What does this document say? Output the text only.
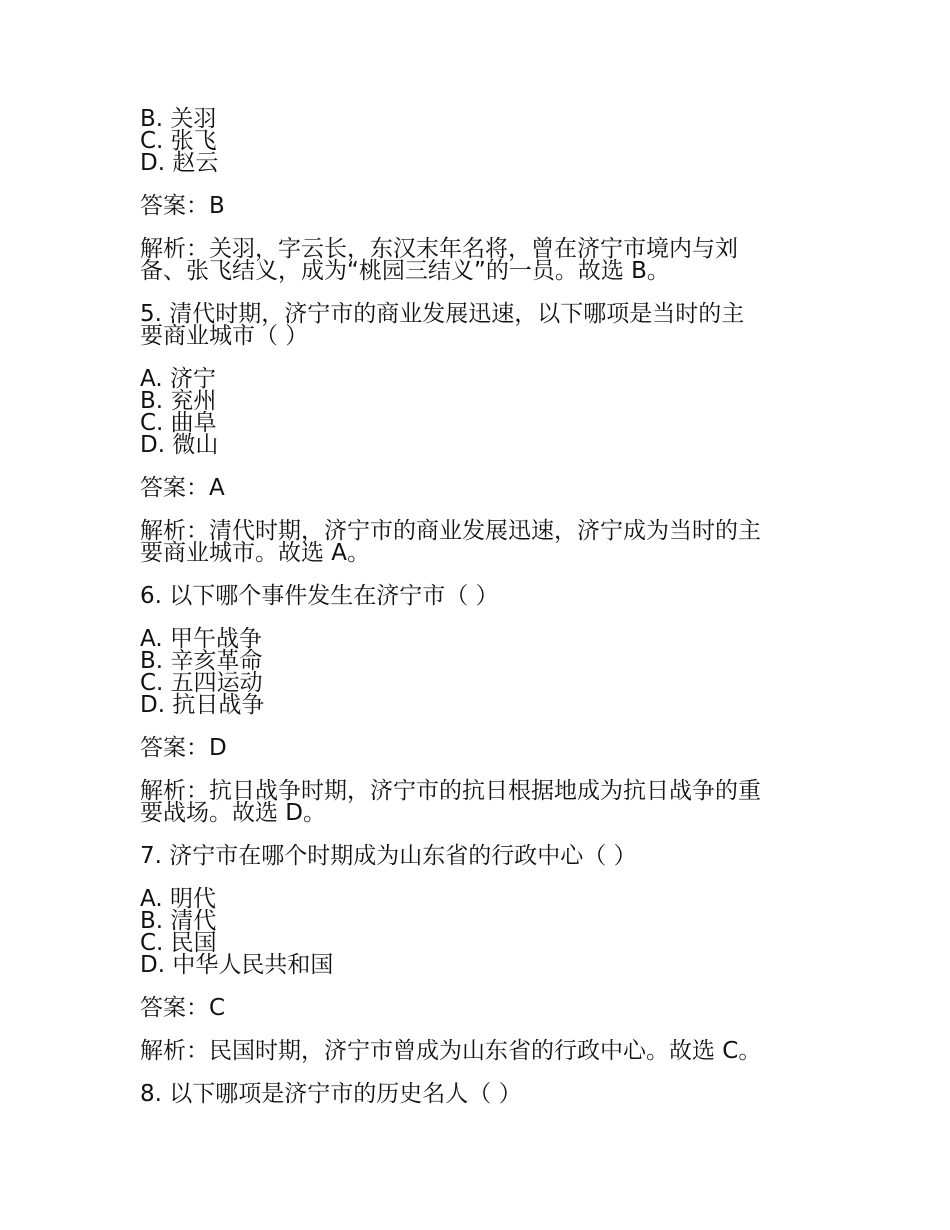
B. 关羽
C. 张飞
D. 赵云
答案：B
解析：关羽，字云长，东汉末年名将，曾在济宁市境内与刘
备、张飞结义，成为“桃园三结义”的一员。故选 B。
5. 清代时期，济宁市的商业发展迅速，以下哪项是当时的主
要商业城市（ ）
A. 济宁
B. 兖州
C. 曲阜
D. 微山
答案：A
解析：清代时期，济宁市的商业发展迅速，济宁成为当时的主
要商业城市。故选 A。
6. 以下哪个事件发生在济宁市（ ）
A. 甲午战争
B. 辛亥革命
C. 五四运动
D. 抗日战争
答案：D
解析：抗日战争时期，济宁市的抗日根据地成为抗日战争的重
要战场。故选 D。
7. 济宁市在哪个时期成为山东省的行政中心（ ）
A. 明代
B. 清代
C. 民国
D. 中华人民共和国
答案：C
解析：民国时期，济宁市曾成为山东省的行政中心。故选 C。
8. 以下哪项是济宁市的历史名人（ ）
